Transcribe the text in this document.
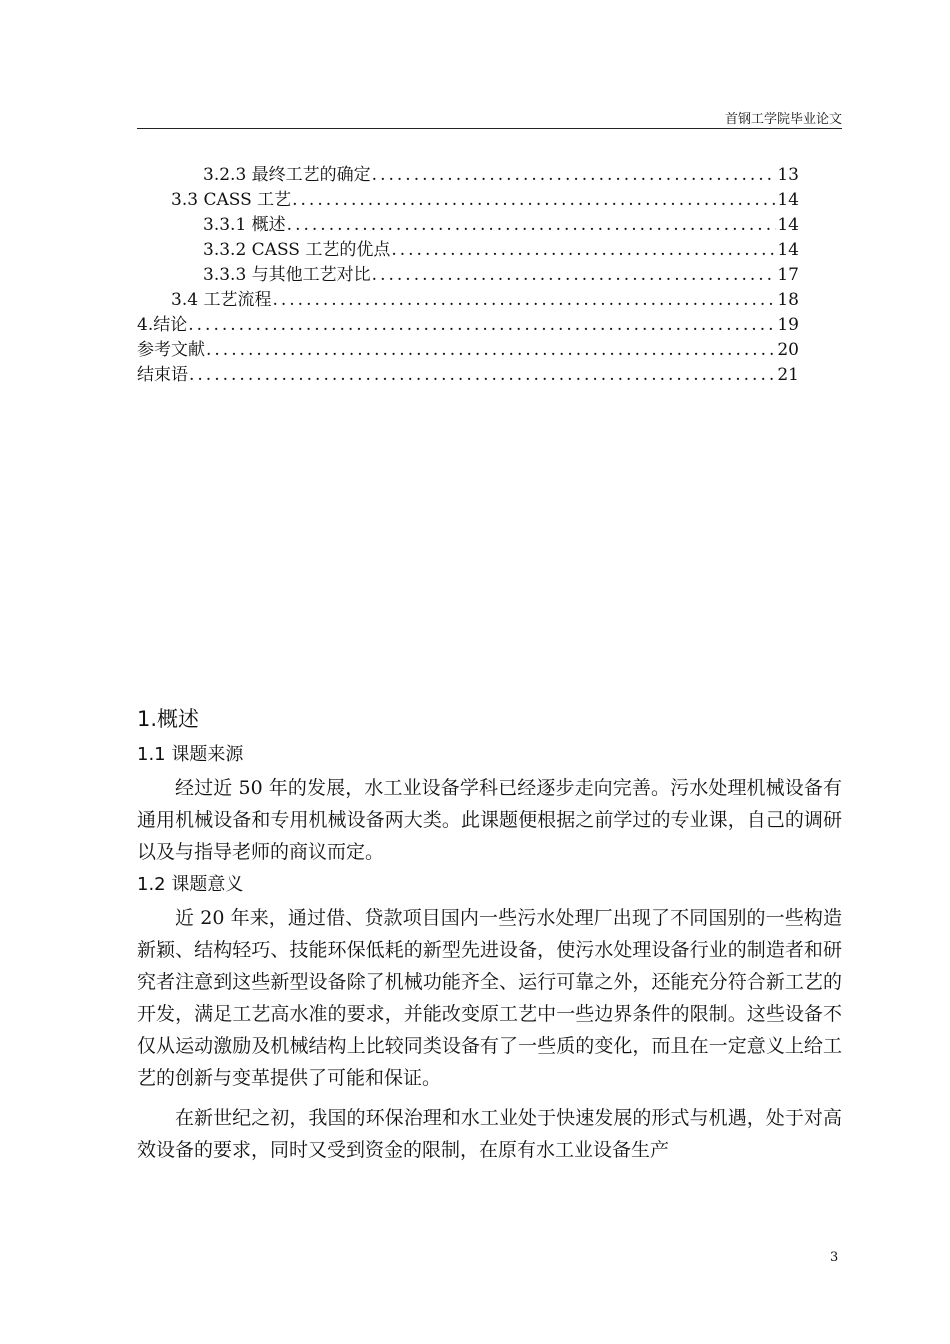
首钢工学院毕业论文
3.2.3 最终工艺的确定 .....	13
3.3 CASS 工艺 .....	14
3.3.1 概述 .....	14
3.3.2 CASS 工艺的优点 .....	14
3.3.3 与其他工艺对比 .....	17
3.4 工艺流程 .....	18
4.结论 .....	19
参考文献 .....	20
结束语 .....	21
1.概述
1.1 课题来源

经过近 50 年的发展，水工业设备学科已经逐步走向完善。污水处理机械设备有通用机械设备和专用机械设备两大类。此课题便根据之前学过的专业课，自己的调研以及与指导老师的商议而定。

1.2 课题意义

近 20 年来，通过借、贷款项目国内一些污水处理厂出现了不同国别的一些构造新颖、结构轻巧、技能环保低耗的新型先进设备，使污水处理设备行业的制造者和研究者注意到这些新型设备除了机械功能齐全、运行可靠之外，还能充分符合新工艺的开发，满足工艺高水准的要求，并能改变原工艺中一些边界条件的限制。这些设备不仅从运动激励及机械结构上比较同类设备有了一些质的变化，而且在一定意义上给工艺的创新与变革提供了可能和保证。

在新世纪之初，我国的环保治理和水工业处于快速发展的形式与机遇，处于对高效设备的要求，同时又受到资金的限制，在原有水工业设备生产

3
